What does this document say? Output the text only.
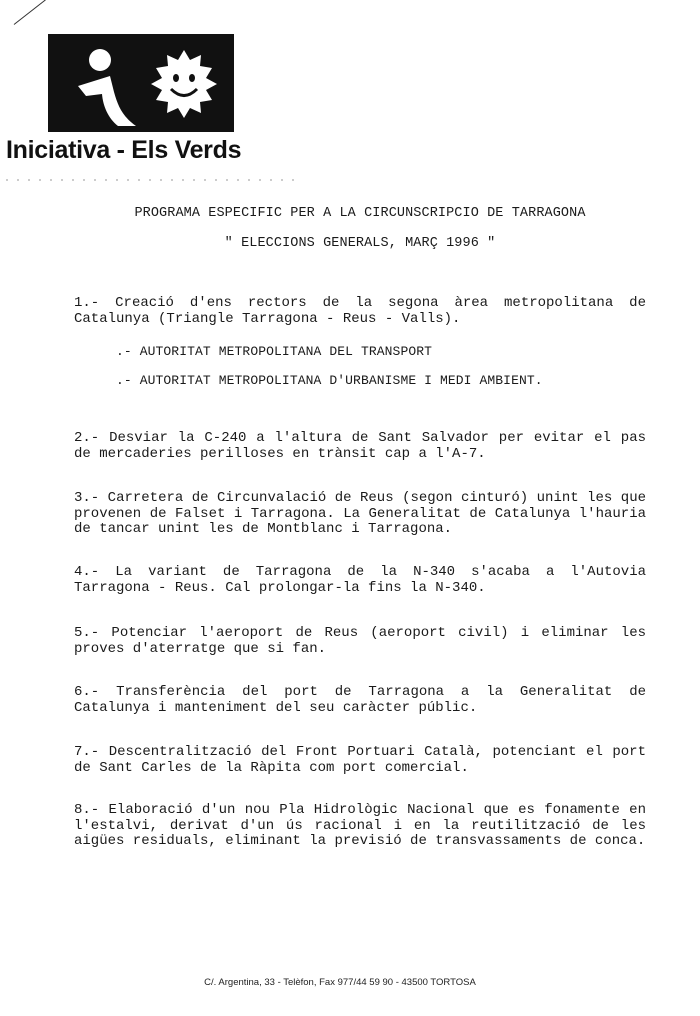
Iniciativa - Els Verds
PROGRAMA ESPECIFIC PER A LA CIRCUNSCRIPCIO DE TARRAGONA
" ELECCIONS GENERALS, MARÇ 1996 "
1.- Creació d'ens rectors de la segona àrea metropolitana de Catalunya (Triangle Tarragona - Reus - Valls).
.- AUTORITAT METROPOLITANA DEL TRANSPORT
.- AUTORITAT METROPOLITANA D'URBANISME I MEDI AMBIENT.
2.- Desviar la C-240 a l'altura de Sant Salvador per evitar el pas de mercaderies perilloses en trànsit cap a l'A-7.
3.- Carretera de Circunvalació de Reus (segon cinturó) unint les que provenen de Falset i Tarragona. La Generalitat de Catalunya l'hauria de tancar unint les de Montblanc i Tarragona.
4.- La variant de Tarragona de la N-340 s'acaba a l'Autovia Tarragona - Reus. Cal prolongar-la fins la N-340.
5.- Potenciar l'aeroport de Reus (aeroport civil) i eliminar les proves d'aterratge que si fan.
6.- Transferència del port de Tarragona a la Generalitat de Catalunya i manteniment del seu caràcter públic.
7.- Descentralització del Front Portuari Català, potenciant el port de Sant Carles de la Ràpita com port comercial.
8.- Elaboració d'un nou Pla Hidrològic Nacional que es fonamente en l'estalvi, derivat d'un ús racional i en la reutilització de les aigües residuals, eliminant la previsió de transvassaments de conca.
C/. Argentina, 33 - Telèfon, Fax 977/44 59 90 - 43500 TORTOSA
